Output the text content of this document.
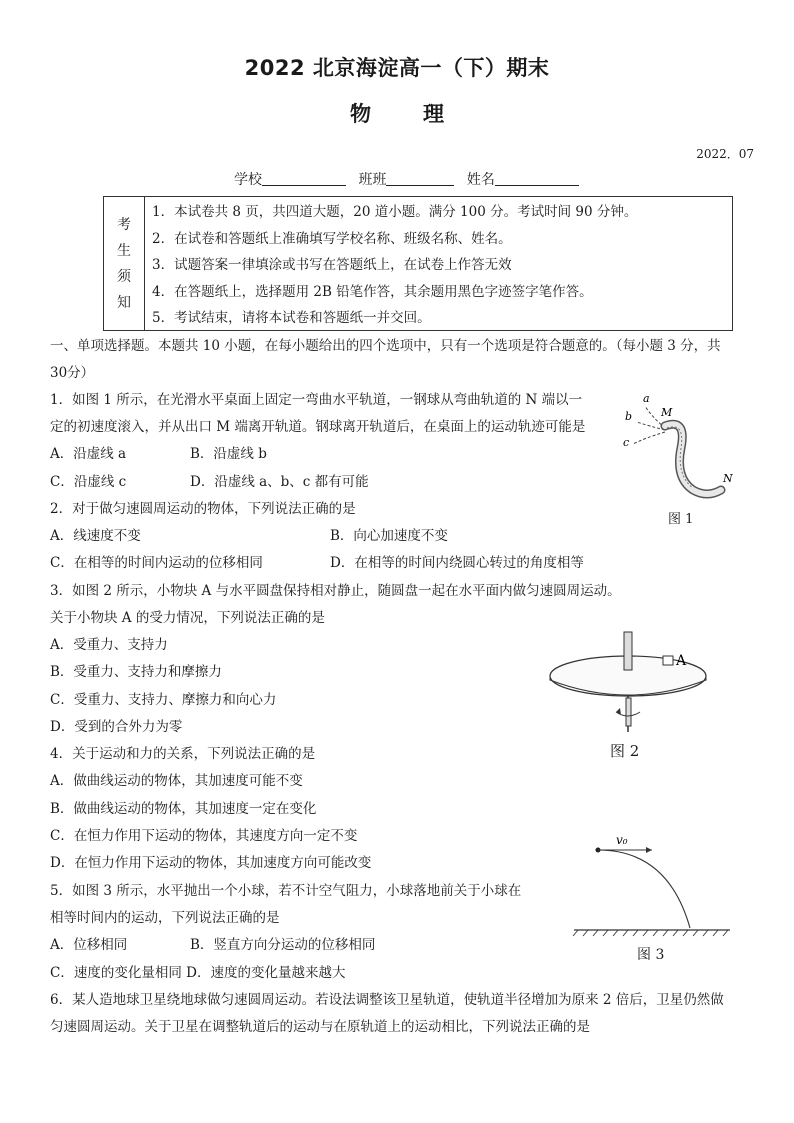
2022 北京海淀高一（下）期末
物 理
2022．07
学校	班班	姓名
考
生
须
知
1．本试卷共 8 页，共四道大题，20 道小题。满分 100 分。考试时间 90 分钟。
2．在试卷和答题纸上准确填写学校名称、班级名称、姓名。
3．试题答案一律填涂或书写在答题纸上，在试卷上作答无效
4．在答题纸上，选择题用 2B 铅笔作答，其余题用黑色字迹签字笔作答。
5．考试结束，请将本试卷和答题纸一并交回。
一、单项选择题。本题共 10 小题，在每小题给出的四个选项中，只有一个选项是符合题意的。（每小题 3 分，共
30分）
1．如图 1 所示，在光滑水平桌面上固定一弯曲水平轨道，一钢球从弯曲轨道的 N 端以一
定的初速度滚入，并从出口 M 端离开轨道。钢球离开轨道后，在桌面上的运动轨迹可能是
A．沿虚线 a	B．沿虚线 b
C．沿虚线 c	D．沿虚线 a、b、c 都有可能
a
b
c
M
N
图 1
2．对于做匀速圆周运动的物体，下列说法正确的是
A．线速度不变	B．向心加速度不变
C．在相等的时间内运动的位移相同	D．在相等的时间内绕圆心转过的角度相等
3．如图 2 所示，小物块 A 与水平圆盘保持相对静止，随圆盘一起在水平面内做匀速圆周运动。
关于小物块 A 的受力情况，下列说法正确的是
A．受重力、支持力
B．受重力、支持力和摩擦力
C．受重力、支持力、摩擦力和向心力
D．受到的合外力为零
A
图 2
4．关于运动和力的关系，下列说法正确的是
A．做曲线运动的物体，其加速度可能不变
B．做曲线运动的物体，其加速度一定在变化
C．在恒力作用下运动的物体，其速度方向一定不变
D．在恒力作用下运动的物体，其加速度方向可能改变
5．如图 3 所示，水平抛出一个小球，若不计空气阻力，小球落地前关于小球在
相等时间内的运动，下列说法正确的是
A．位移相同	B．竖直方向分运动的位移相同
C．速度的变化量相同 D．速度的变化量越来越大
v₀
图 3
6．某人造地球卫星绕地球做匀速圆周运动。若设法调整该卫星轨道，使轨道半径增加为原来 2 倍后，卫星仍然做
匀速圆周运动。关于卫星在调整轨道后的运动与在原轨道上的运动相比，下列说法正确的是
